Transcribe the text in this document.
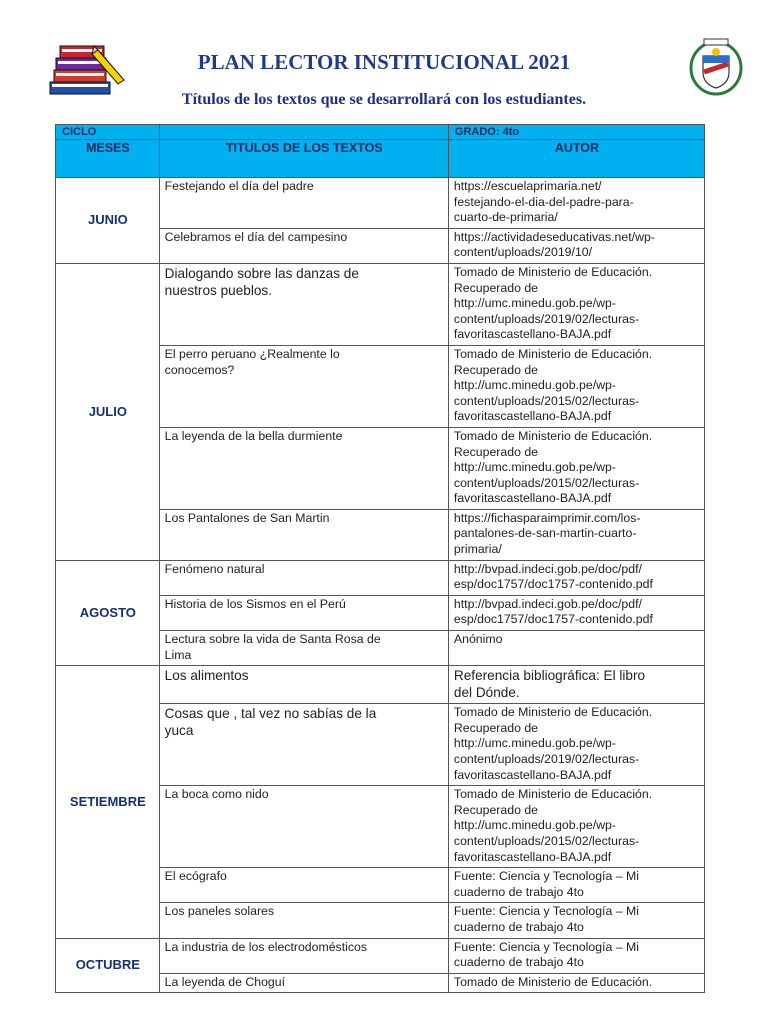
PLAN LECTOR INSTITUCIONAL 2021
Títulos de los textos que se desarrollará con los estudiantes.
CICLO		GRADO: 4to
MESES	TITULOS DE LOS TEXTOS	AUTOR
JUNIO	Festejando el día del padre	https://escuelaprimaria.net/
festejando-el-dia-del-padre-para-
cuarto-de-primaria/
	Celebramos el día del campesino	https://actividadeseducativas.net/wp-
content/uploads/2019/10/
JULIO	Dialogando sobre las danzas de
nuestros pueblos.	Tomado de Ministerio de Educación.
Recuperado de
http://umc.minedu.gob.pe/wp-
content/uploads/2019/02/lecturas-
favoritascastellano-BAJA.pdf
	El perro peruano ¿Realmente lo
conocemos?	Tomado de Ministerio de Educación.
Recuperado de
http://umc.minedu.gob.pe/wp-
content/uploads/2015/02/lecturas-
favoritascastellano-BAJA.pdf
	La leyenda de la bella durmiente	Tomado de Ministerio de Educación.
Recuperado de
http://umc.minedu.gob.pe/wp-
content/uploads/2015/02/lecturas-
favoritascastellano-BAJA.pdf
	Los Pantalones de San Martin	https://fichasparaimprimir.com/los-
pantalones-de-san-martin-cuarto-
primaria/
AGOSTO	Fenómeno natural	http://bvpad.indeci.gob.pe/doc/pdf/
esp/doc1757/doc1757-contenido.pdf
	Historia de los Sismos en el Perú	http://bvpad.indeci.gob.pe/doc/pdf/
esp/doc1757/doc1757-contenido.pdf
	Lectura sobre la vida de Santa Rosa de
Lima	Anónimo
SETIEMBRE	Los alimentos	Referencia bibliográfica: El libro
del Dónde.
	Cosas que , tal vez no sabías de la
yuca	Tomado de Ministerio de Educación.
Recuperado de
http://umc.minedu.gob.pe/wp-
content/uploads/2019/02/lecturas-
favoritascastellano-BAJA.pdf
	La boca como nido	Tomado de Ministerio de Educación.
Recuperado de
http://umc.minedu.gob.pe/wp-
content/uploads/2015/02/lecturas-
favoritascastellano-BAJA.pdf
	El ecógrafo	Fuente: Ciencia y Tecnología – Mi
cuaderno de trabajo 4to
	Los paneles solares	Fuente: Ciencia y Tecnología – Mi
cuaderno de trabajo 4to
OCTUBRE	La industria de los electrodomésticos	Fuente: Ciencia y Tecnología – Mi
cuaderno de trabajo 4to
	La leyenda de Choguí	Tomado de Ministerio de Educación.
